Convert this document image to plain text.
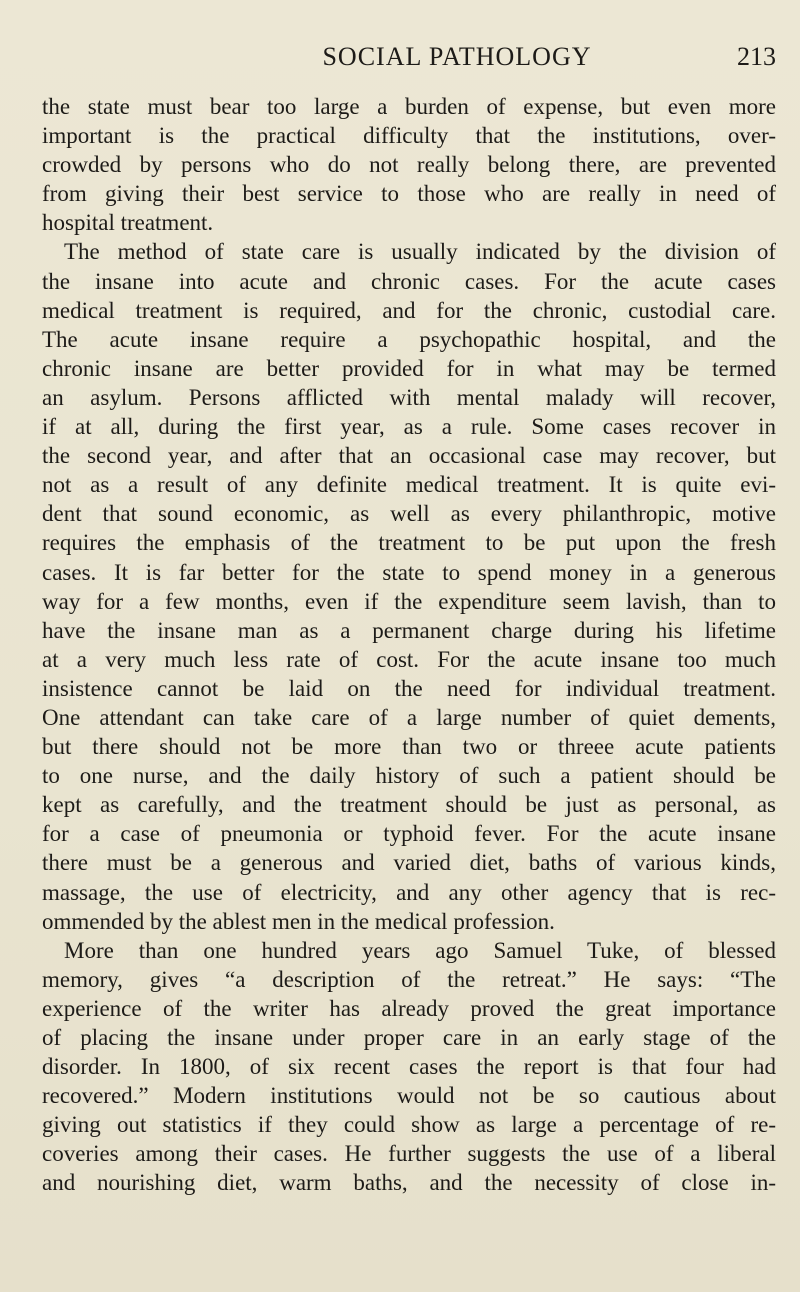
SOCIAL PATHOLOGY	213
the state must bear too large a burden of expense, but even more
important is the practical difficulty that the institutions, over-
crowded by persons who do not really belong there, are prevented
from giving their best service to those who are really in need of
hospital treatment.
The method of state care is usually indicated by the division of
the insane into acute and chronic cases. For the acute cases
medical treatment is required, and for the chronic, custodial care.
The acute insane require a psychopathic hospital, and the
chronic insane are better provided for in what may be termed
an asylum. Persons afflicted with mental malady will recover,
if at all, during the first year, as a rule. Some cases recover in
the second year, and after that an occasional case may recover, but
not as a result of any definite medical treatment. It is quite evi-
dent that sound economic, as well as every philanthropic, motive
requires the emphasis of the treatment to be put upon the fresh
cases. It is far better for the state to spend money in a generous
way for a few months, even if the expenditure seem lavish, than to
have the insane man as a permanent charge during his lifetime
at a very much less rate of cost. For the acute insane too much
insistence cannot be laid on the need for individual treatment.
One attendant can take care of a large number of quiet dements,
but there should not be more than two or threee acute patients
to one nurse, and the daily history of such a patient should be
kept as carefully, and the treatment should be just as personal, as
for a case of pneumonia or typhoid fever. For the acute insane
there must be a generous and varied diet, baths of various kinds,
massage, the use of electricity, and any other agency that is rec-
ommended by the ablest men in the medical profession.
More than one hundred years ago Samuel Tuke, of blessed
memory, gives “a description of the retreat.” He says: “The
experience of the writer has already proved the great importance
of placing the insane under proper care in an early stage of the
disorder. In 1800, of six recent cases the report is that four had
recovered.” Modern institutions would not be so cautious about
giving out statistics if they could show as large a percentage of re-
coveries among their cases. He further suggests the use of a liberal
and nourishing diet, warm baths, and the necessity of close in-
